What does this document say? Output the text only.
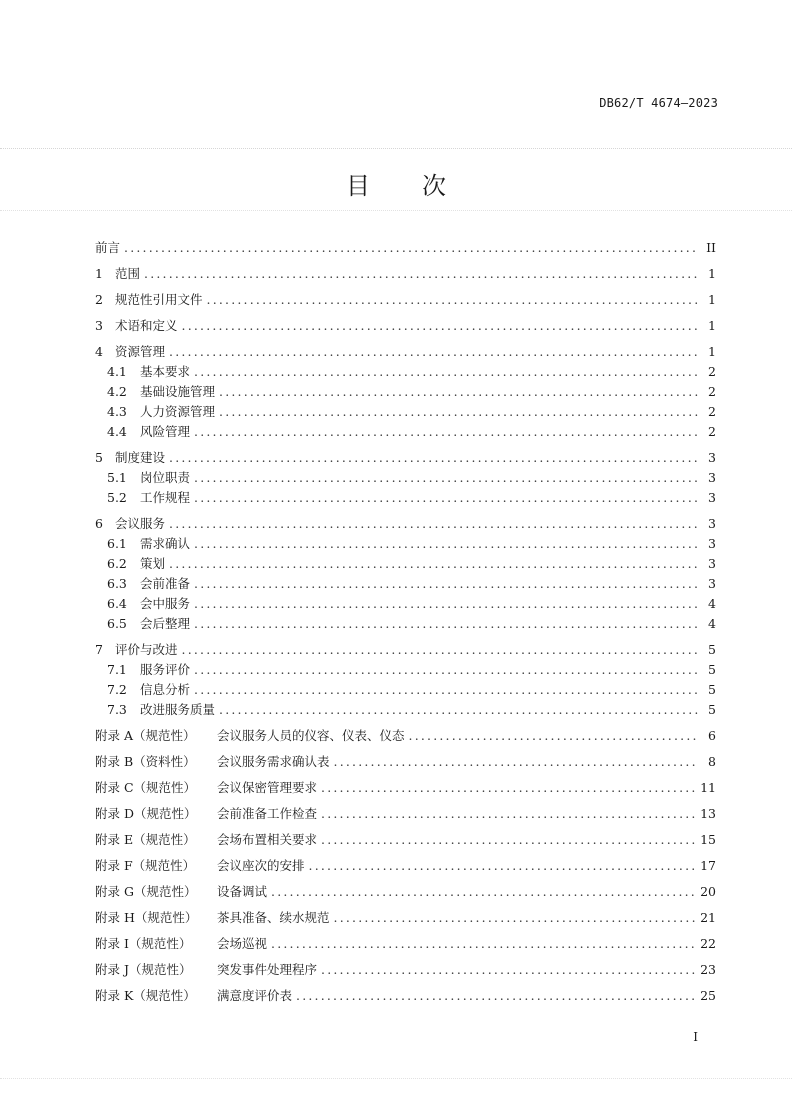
DB62/T 4674—2023
目次
前言 .....	II
1 范围 .....	1
2 规范性引用文件 .....	1
3 术语和定义 .....	1
4 资源管理 .....	1
4.1	基本要求 .....	2
4.2	基础设施管理 .....	2
4.3	人力资源管理 .....	2
4.4	风险管理 .....	2
5 制度建设 .....	3
5.1	岗位职责 .....	3
5.2	工作规程 .....	3
6 会议服务 .....	3
6.1	需求确认 .....	3
6.2	策划 .....	3
6.3	会前准备 .....	3
6.4	会中服务 .....	4
6.5	会后整理 .....	4
7 评价与改进 .....	5
7.1	服务评价 .....	5
7.2	信息分析 .....	5
7.3	改进服务质量 .....	5
附录 A（规范性）	会议服务人员的仪容、仪表、仪态 .....	6
附录 B（资料性）	会议服务需求确认表 .....	8
附录 C（规范性）	会议保密管理要求 .....	11
附录 D（规范性）	会前准备工作检查 .....	13
附录 E（规范性）	会场布置相关要求 .....	15
附录 F（规范性）	会议座次的安排 .....	17
附录 G（规范性）	设备调试 .....	20
附录 H（规范性）	茶具准备、续水规范 .....	21
附录 I（规范性）	会场巡视 .....	22
附录 J（规范性）	突发事件处理程序 .....	23
附录 K（规范性）	满意度评价表 .....	25
I
